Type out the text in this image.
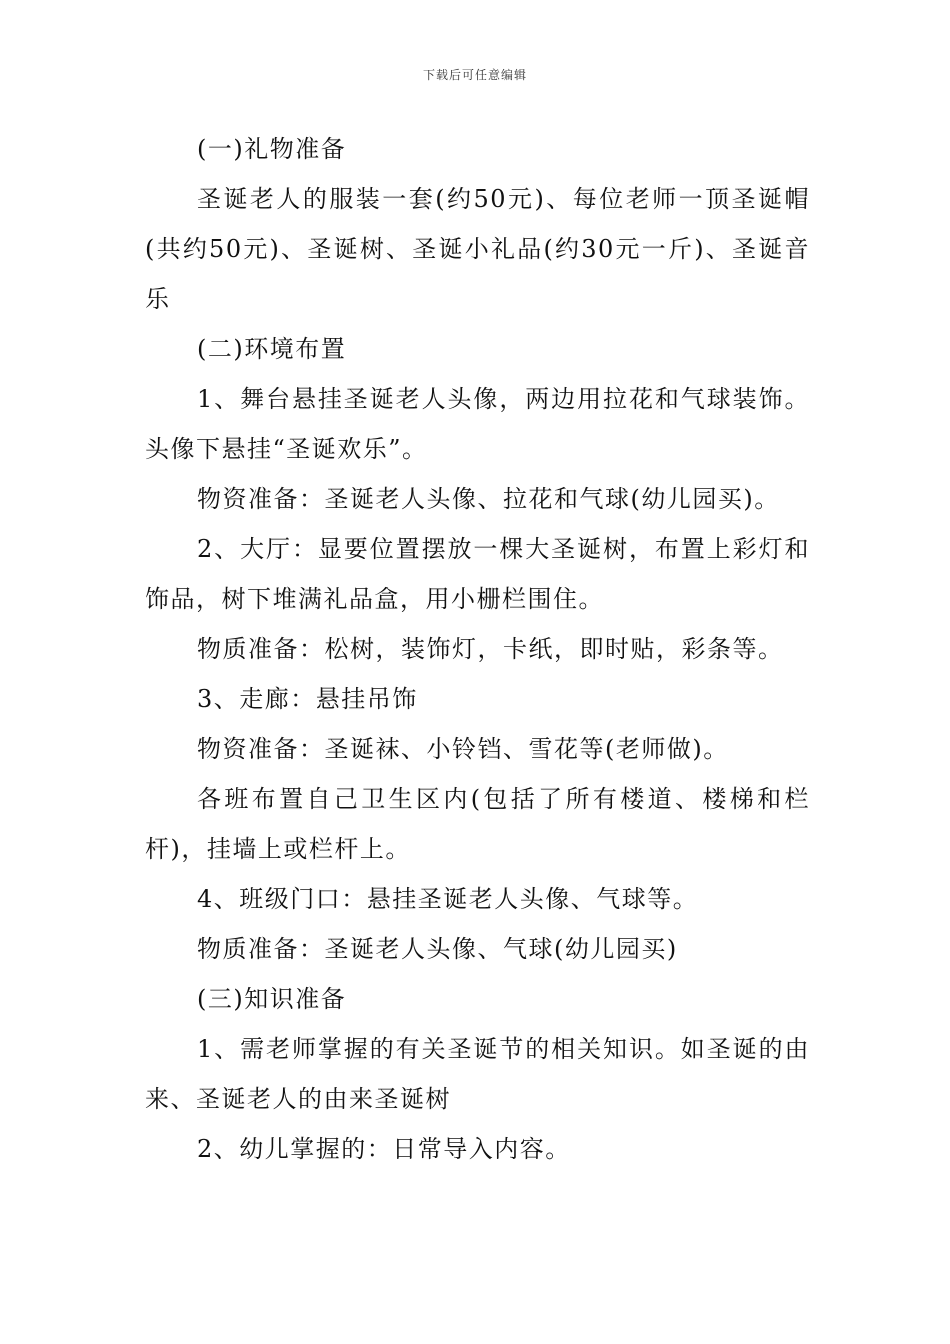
下载后可任意编辑

(一)礼物准备

圣诞老人的服装一套(约50元)、每位老师一顶圣诞帽(共约50元)、圣诞树、圣诞小礼品(约30元一斤)、圣诞音乐

(二)环境布置

1、舞台悬挂圣诞老人头像，两边用拉花和气球装饰。头像下悬挂“圣诞欢乐”。

物资准备：圣诞老人头像、拉花和气球(幼儿园买)。

2、大厅：显要位置摆放一棵大圣诞树，布置上彩灯和饰品，树下堆满礼品盒，用小栅栏围住。

物质准备：松树，装饰灯，卡纸，即时贴，彩条等。

3、走廊：悬挂吊饰

物资准备：圣诞袜、小铃铛、雪花等(老师做)。

各班布置自己卫生区内(包括了所有楼道、楼梯和栏杆)，挂墙上或栏杆上。

4、班级门口：悬挂圣诞老人头像、气球等。

物质准备：圣诞老人头像、气球(幼儿园买)

(三)知识准备

1、需老师掌握的有关圣诞节的相关知识。如圣诞的由来、圣诞老人的由来圣诞树

2、幼儿掌握的：日常导入内容。
